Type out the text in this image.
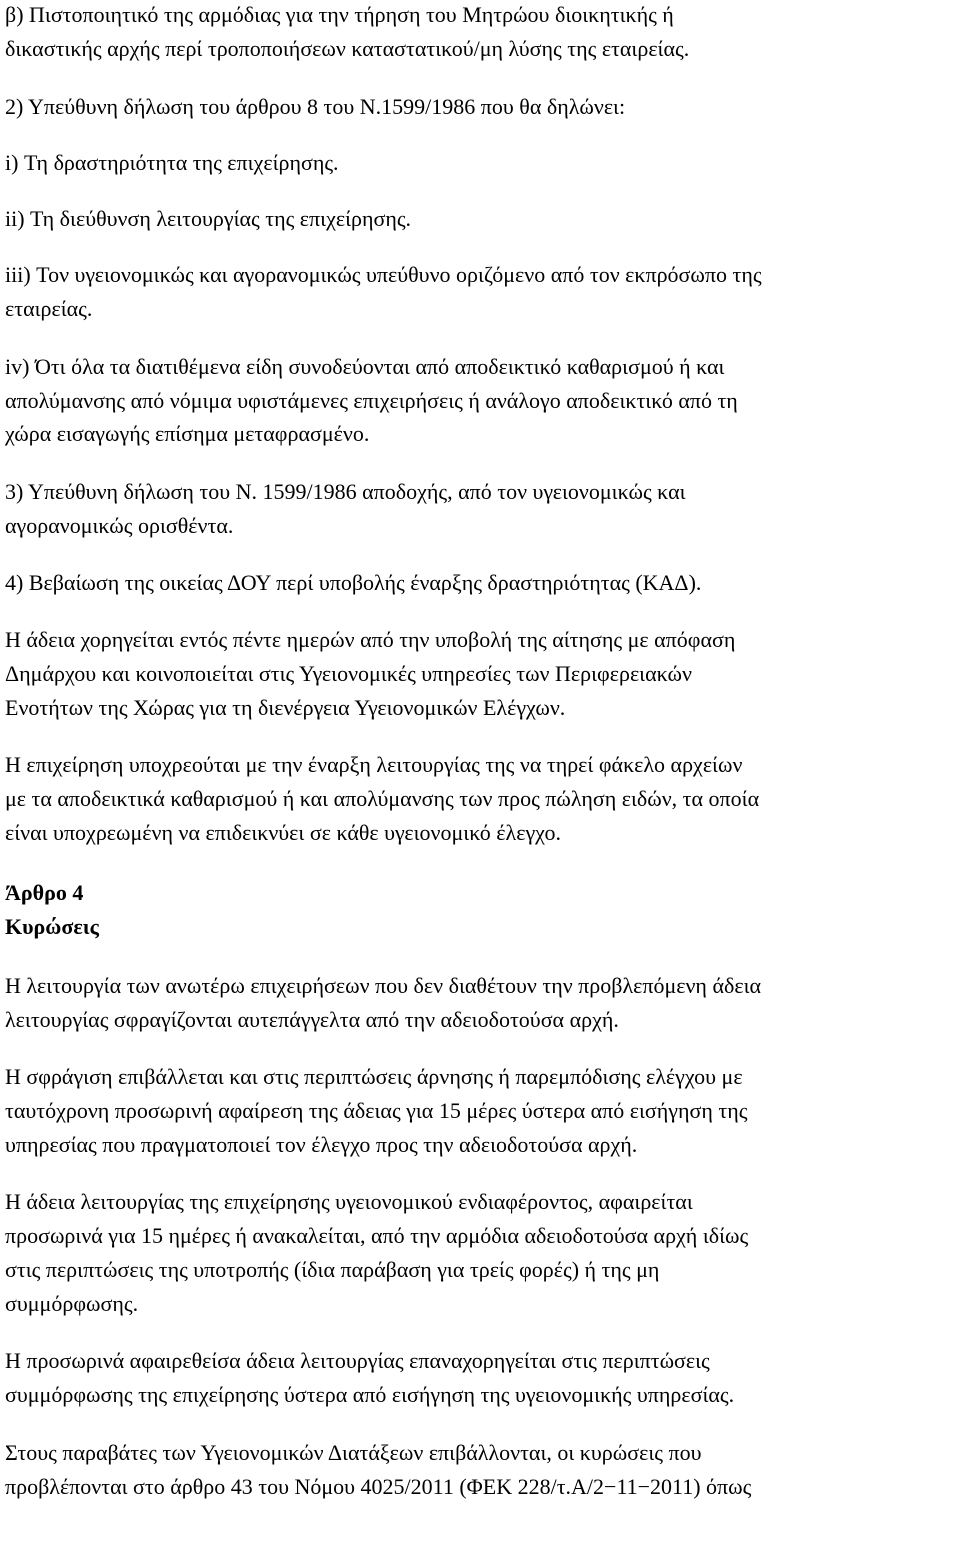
β) Πιστοποιητικό της αρμόδιας για την τήρηση του Μητρώου διοικητικής ή

δικαστικής αρχής περί τροποποιήσεων καταστατικού/μη λύσης της εταιρείας.

2) Υπεύθυνη δήλωση του άρθρου 8 του Ν.1599/1986 που θα δηλώνει:

i) Τη δραστηριότητα της επιχείρησης.

ii) Τη διεύθυνση λειτουργίας της επιχείρησης.

iii) Τον υγειονομικώς και αγορανομικώς υπεύθυνο οριζόμενο από τον εκπρόσωπο της

εταιρείας.

iv) Ότι όλα τα διατιθέμενα είδη συνοδεύονται από αποδεικτικό καθαρισμού ή και

απολύμανσης από νόμιμα υφιστάμενες επιχειρήσεις ή ανάλογο αποδεικτικό από τη

χώρα εισαγωγής επίσημα μεταφρασμένο.

3) Υπεύθυνη δήλωση του Ν. 1599/1986 αποδοχής, από τον υγειονομικώς και

αγορανομικώς ορισθέντα.

4) Βεβαίωση της οικείας ΔΟΥ περί υποβολής έναρξης δραστηριότητας (ΚΑΔ).

Η άδεια χορηγείται εντός πέντε ημερών από την υποβολή της αίτησης με απόφαση

Δημάρχου και κοινοποιείται στις Υγειονομικές υπηρεσίες των Περιφερειακών

Ενοτήτων της Χώρας για τη διενέργεια Υγειονομικών Ελέγχων.

Η επιχείρηση υποχρεούται με την έναρξη λειτουργίας της να τηρεί φάκελο αρχείων

με τα αποδεικτικά καθαρισμού ή και απολύμανσης των προς πώληση ειδών, τα οποία

είναι υποχρεωμένη να επιδεικνύει σε κάθε υγειονομικό έλεγχο.

Άρθρο 4

Κυρώσεις

Η λειτουργία των ανωτέρω επιχειρήσεων που δεν διαθέτουν την προβλεπόμενη άδεια

λειτουργίας σφραγίζονται αυτεπάγγελτα από την αδειοδοτούσα αρχή.

Η σφράγιση επιβάλλεται και στις περιπτώσεις άρνησης ή παρεμπόδισης ελέγχου με

ταυτόχρονη προσωρινή αφαίρεση της άδειας για 15 μέρες ύστερα από εισήγηση της

υπηρεσίας που πραγματοποιεί τον έλεγχο προς την αδειοδοτούσα αρχή.

Η άδεια λειτουργίας της επιχείρησης υγειονομικού ενδιαφέροντος, αφαιρείται

προσωρινά για 15 ημέρες ή ανακαλείται, από την αρμόδια αδειοδοτούσα αρχή ιδίως

στις περιπτώσεις της υποτροπής (ίδια παράβαση για τρείς φορές) ή της μη

συμμόρφωσης.

Η προσωρινά αφαιρεθείσα άδεια λειτουργίας επαναχορηγείται στις περιπτώσεις

συμμόρφωσης της επιχείρησης ύστερα από εισήγηση της υγειονομικής υπηρεσίας.

Στους παραβάτες των Υγειονομικών Διατάξεων επιβάλλονται, οι κυρώσεις που

προβλέπονται στο άρθρο 43 του Νόμου 4025/2011 (ΦΕΚ 228/τ.Α/2−11−2011) όπως
